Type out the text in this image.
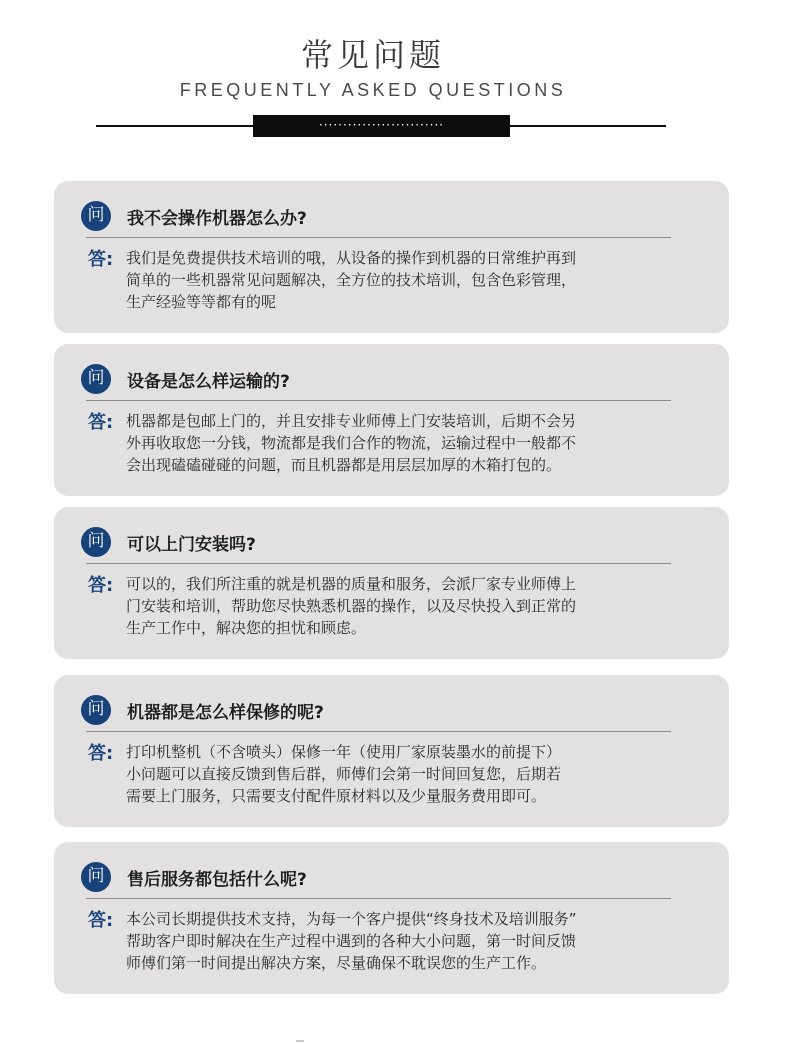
常见问题
FREQUENTLY ASKED QUESTIONS
··························
问	我不会操作机器怎么办?
答: 我们是免费提供技术培训的哦，从设备的操作到机器的日常维护再到
简单的一些机器常见问题解决，全方位的技术培训，包含色彩管理，
生产经验等等都有的呢
问	设备是怎么样运输的?
答: 机器都是包邮上门的，并且安排专业师傅上门安装培训，后期不会另
外再收取您一分钱，物流都是我们合作的物流，运输过程中一般都不
会出现磕磕碰碰的问题，而且机器都是用层层加厚的木箱打包的。
问	可以上门安装吗?
答: 可以的，我们所注重的就是机器的质量和服务，会派厂家专业师傅上
门安装和培训，帮助您尽快熟悉机器的操作，以及尽快投入到正常的
生产工作中，解决您的担忧和顾虑。
问	机器都是怎么样保修的呢?
答: 打印机整机（不含喷头）保修一年（使用厂家原装墨水的前提下）
小问题可以直接反馈到售后群，师傅们会第一时间回复您，后期若
需要上门服务，只需要支付配件原材料以及少量服务费用即可。
问	售后服务都包括什么呢?
答: 本公司长期提供技术支持，为每一个客户提供“终身技术及培训服务”
帮助客户即时解决在生产过程中遇到的各种大小问题，第一时间反馈
师傅们第一时间提出解决方案，尽量确保不耽误您的生产工作。
